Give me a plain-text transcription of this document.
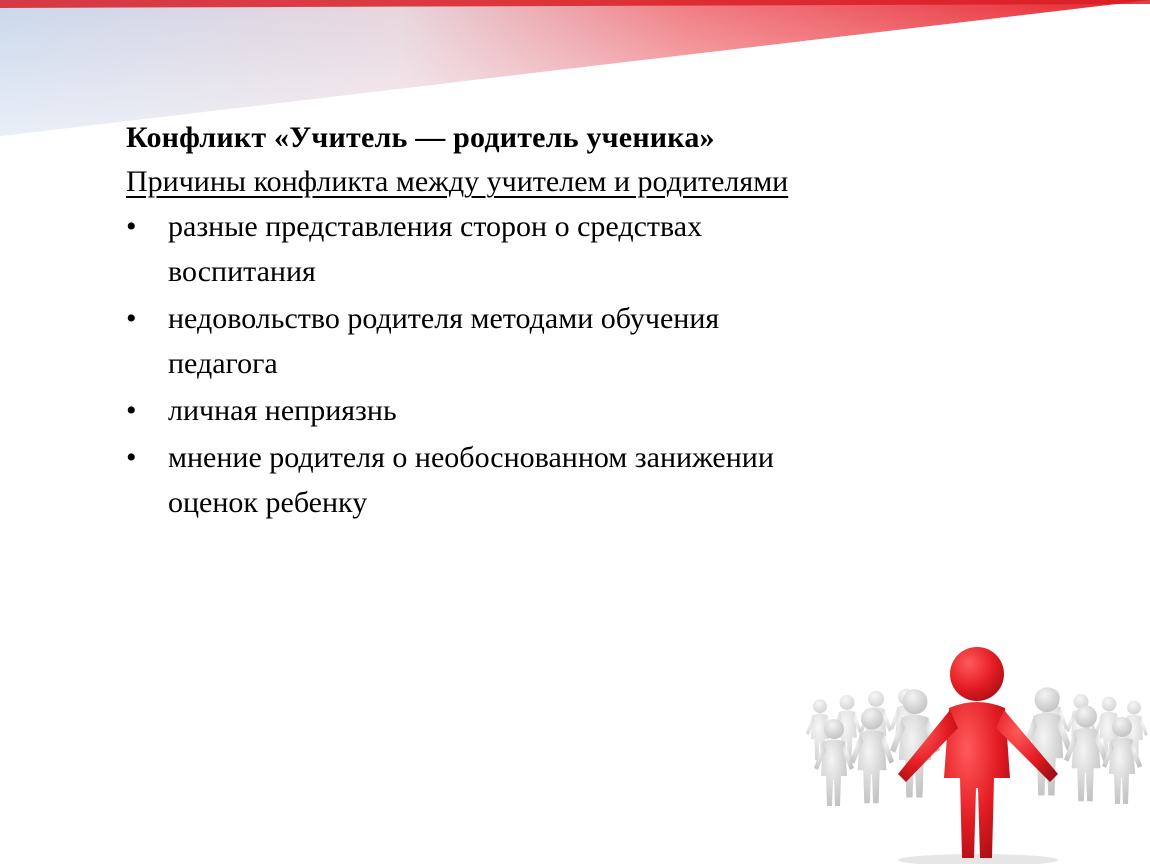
Конфликт «Учитель — родитель ученика»
Причины конфликта между учителем и родителями
• разные представления сторон о средствах
воспитания
• недовольство родителя методами обучения
педагога
• личная неприязнь
• мнение родителя о необоснованном занижении
оценок ребенку
